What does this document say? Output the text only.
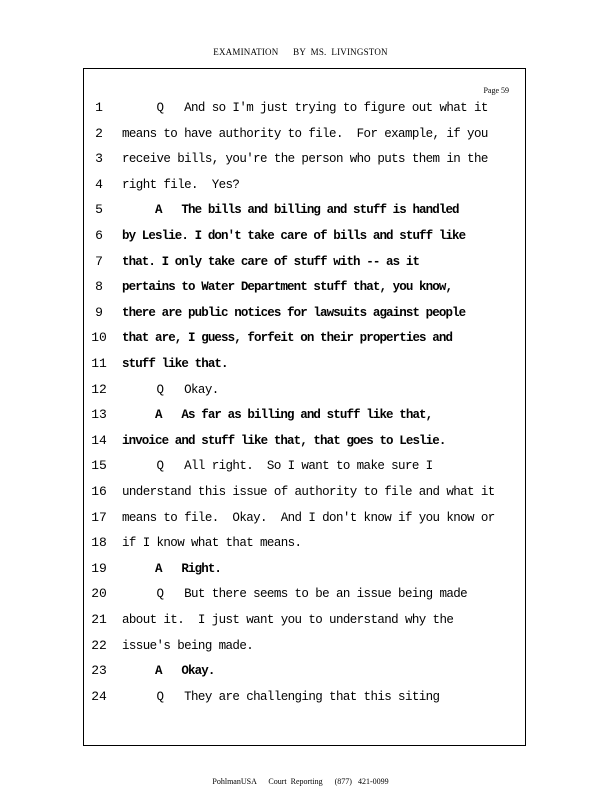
EXAMINATION      BY  MS.  LIVINGSTON
Page 59
1	Q   And so I'm just trying to figure out what it
2	means to have authority to file.  For example, if you
3	receive bills, you're the person who puts them in the
4	right file.  Yes?
5	A   The bills and billing and stuff is handled
6	by Leslie. I don't take care of bills and stuff like
7	that. I only take care of stuff with -- as it
8	pertains to Water Department stuff that, you know,
9	there are public notices for lawsuits against people
10 that are, I guess, forfeit on their properties and
11 stuff like that.
12 Q   Okay.
13 A   As far as billing and stuff like that,
14 invoice and stuff like that, that goes to Leslie.
15 Q   All right.  So I want to make sure I
16 understand this issue of authority to file and what it
17 means to file.  Okay.  And I don't know if you know or
18 if I know what that means.
19 A   Right.
20 Q   But there seems to be an issue being made
21 about it.  I just want you to understand why the
22 issue's being made.
23 A   Okay.
24 Q   They are challenging that this siting
PohlmanUSA      Court  Reporting      (877)   421-0099
